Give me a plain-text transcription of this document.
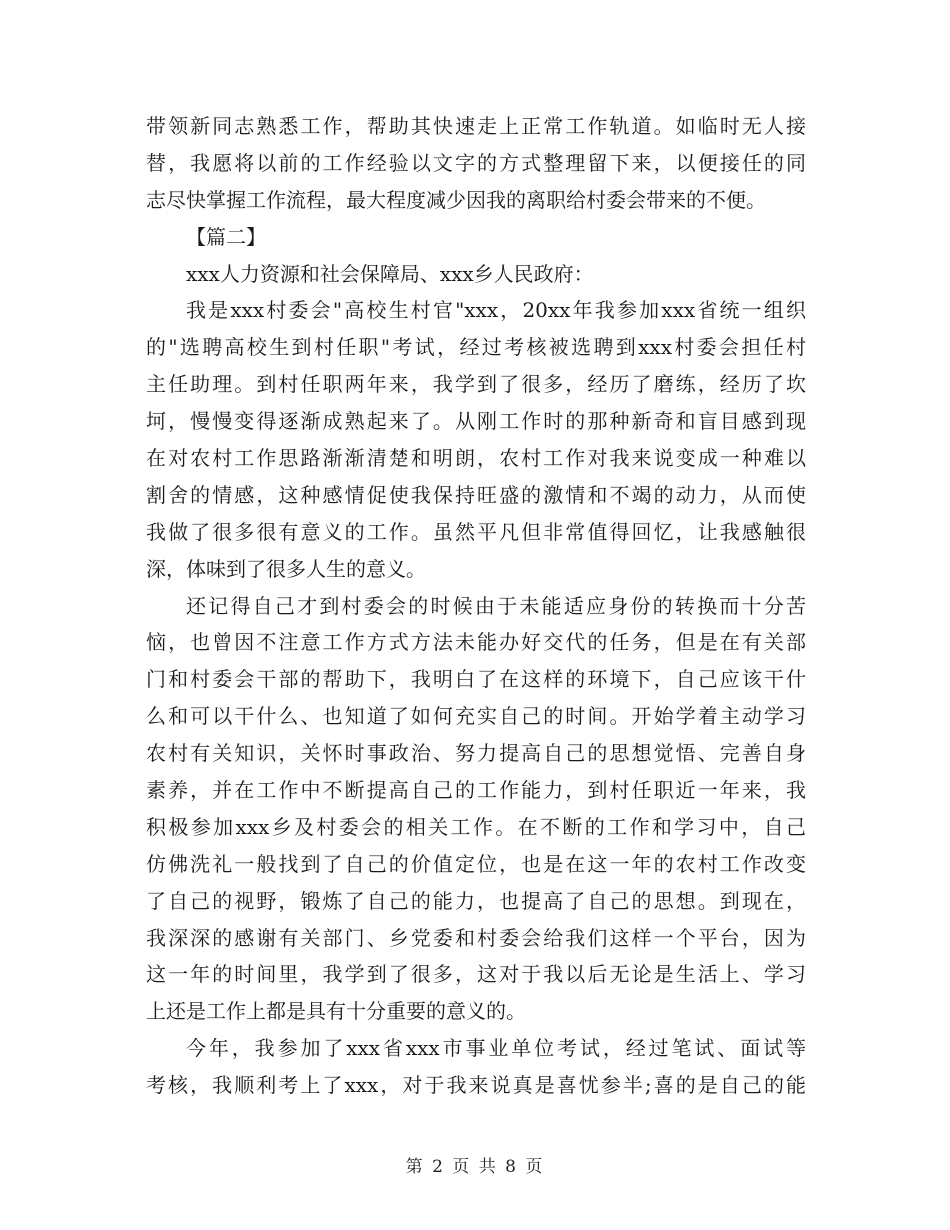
带领新同志熟悉工作，帮助其快速走上正常工作轨道。如临时无人接
替，我愿将以前的工作经验以文字的方式整理留下来，以便接任的同
志尽快掌握工作流程，最大程度减少因我的离职给村委会带来的不便。
【篇二】
xxx人力资源和社会保障局、xxx乡人民政府：
我是xxx村委会"高校生村官"xxx，20xx年我参加xxx省统一组织
的"选聘高校生到村任职"考试，经过考核被选聘到xxx村委会担任村
主任助理。到村任职两年来，我学到了很多，经历了磨练，经历了坎
坷，慢慢变得逐渐成熟起来了。从刚工作时的那种新奇和盲目感到现
在对农村工作思路渐渐清楚和明朗，农村工作对我来说变成一种难以
割舍的情感，这种感情促使我保持旺盛的激情和不竭的动力，从而使
我做了很多很有意义的工作。虽然平凡但非常值得回忆，让我感触很
深，体味到了很多人生的意义。
还记得自己才到村委会的时候由于未能适应身份的转换而十分苦
恼，也曾因不注意工作方式方法未能办好交代的任务，但是在有关部
门和村委会干部的帮助下，我明白了在这样的环境下，自己应该干什
么和可以干什么、也知道了如何充实自己的时间。开始学着主动学习
农村有关知识，关怀时事政治、努力提高自己的思想觉悟、完善自身
素养，并在工作中不断提高自己的工作能力，到村任职近一年来，我
积极参加xxx乡及村委会的相关工作。在不断的工作和学习中，自己
仿佛洗礼一般找到了自己的价值定位，也是在这一年的农村工作改变
了自己的视野，锻炼了自己的能力，也提高了自己的思想。到现在，
我深深的感谢有关部门、乡党委和村委会给我们这样一个平台，因为
这一年的时间里，我学到了很多，这对于我以后无论是生活上、学习
上还是工作上都是具有十分重要的意义的。
今年，我参加了xxx省xxx市事业单位考试，经过笔试、面试等
考核，我顺利考上了xxx，对于我来说真是喜忧参半;喜的是自己的能
第 2 页 共 8 页
